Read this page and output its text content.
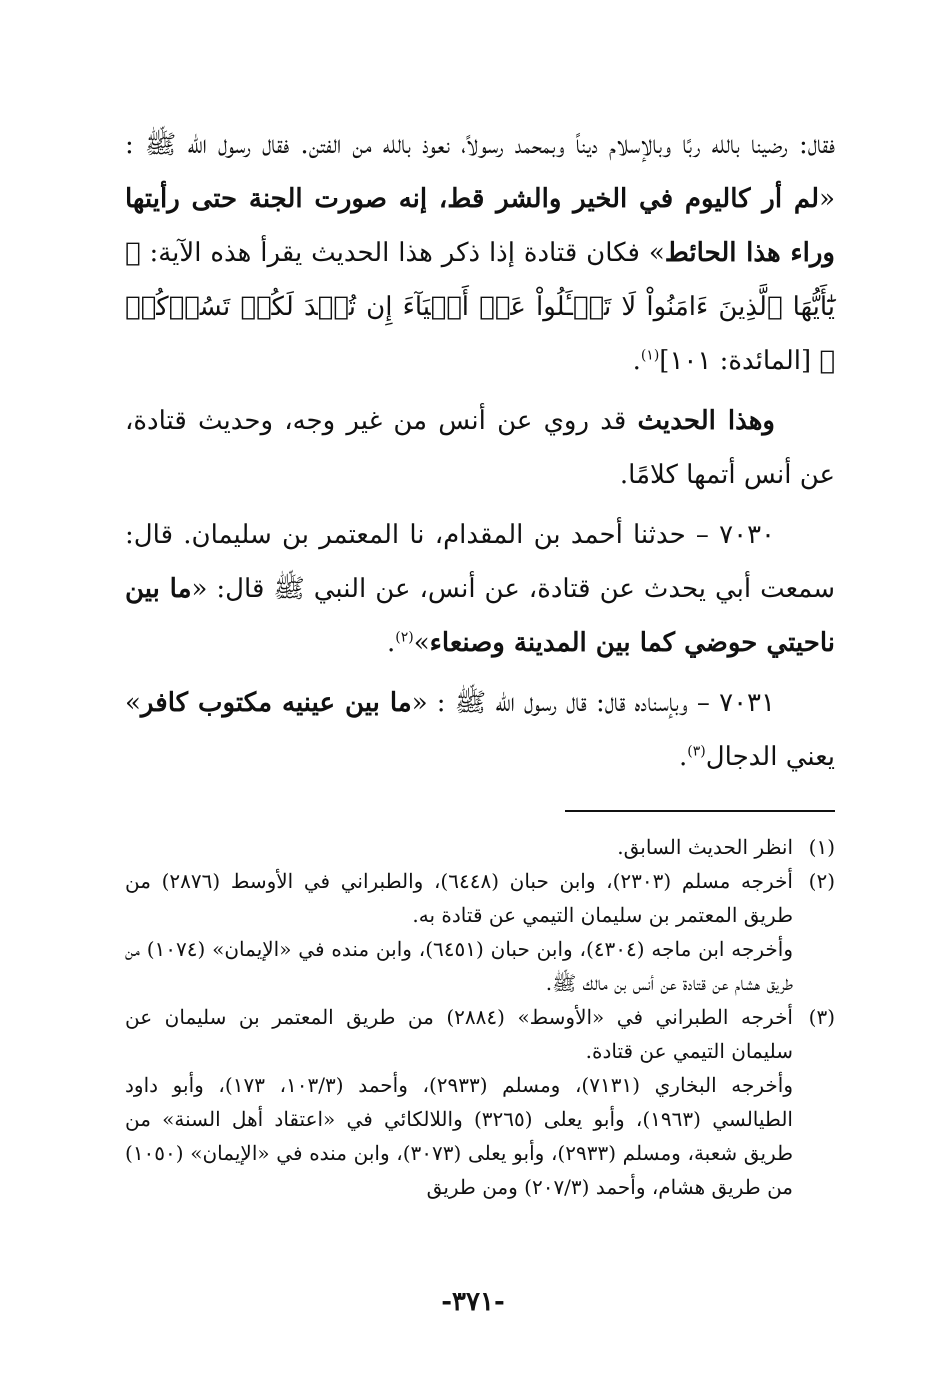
فقال: رضينا بالله ربًا وبالإسلام ديناً وبمحمد رسولاً، نعوذ بالله من الفتن. فقال رسول الله ﷺ : «لم أر كاليوم في الخير والشر قط، إنه صورت الجنة حتى رأيتها وراء هذا الحائط» فكان قتادة إذا ذكر هذا الحديث يقرأ هذه الآية: ﴿ يَٰٓأَيُّهَا ٱلَّذِينَ ءَامَنُواْ لَا تَسۡـَٔلُواْ عَنۡ أَشۡيَآءَ إِن تُبۡدَ لَكُمۡ تَسُؤۡكُمۡ ﴾ [المائدة: ١٠١]$^{(١)}$.

وهذا الحديث قد روي عن أنس من غير وجه، وحديث قتادة، عن أنس أتمها كلامًا.

٧٠٣٠ – حدثنا أحمد بن المقدام، نا المعتمر بن سليمان. قال: سمعت أبي يحدث عن قتادة، عن أنس، عن النبي ﷺ قال: «ما بين ناحيتي حوضي كما بين المدينة وصنعاء»$^{(٢)}$.

٧٠٣١ – وبإسناده قال: قال رسول الله ﷺ : «ما بين عينيه مكتوب كافر» يعني الدجال$^{(٣)}$.

(١)
انظر الحديث السابق.
(٢)
أخرجه مسلم (٢٣٠٣)، وابن حبان (٦٤٤٨)، والطبراني في الأوسط (٢٨٧٦) من طريق المعتمر بن سليمان التيمي عن قتادة به.
وأخرجه ابن ماجه (٤٣٠٤)، وابن حبان (٦٤٥١)، وابن منده في «الإيمان» (١٠٧٤) من طريق هشام عن قتادة عن أنس بن مالك ﷺ.
(٣)
أخرجه الطبراني في «الأوسط» (٢٨٨٤) من طريق المعتمر بن سليمان عن سليمان التيمي عن قتادة.
وأخرجه البخاري (٧١٣١)، ومسلم (٢٩٣٣)، وأحمد (١٠٣/٣، ١٧٣)، وأبو داود الطيالسي (١٩٦٣)، وأبو يعلى (٣٢٦٥) واللالكائي في «اعتقاد أهل السنة» من طريق شعبة، ومسلم (٢٩٣٣)، وأبو يعلى (٣٠٧٣)، وابن منده في «الإيمان» (١٠٥٠) من طريق هشام، وأحمد (٢٠٧/٣) ومن طريق
-٣٧١-
